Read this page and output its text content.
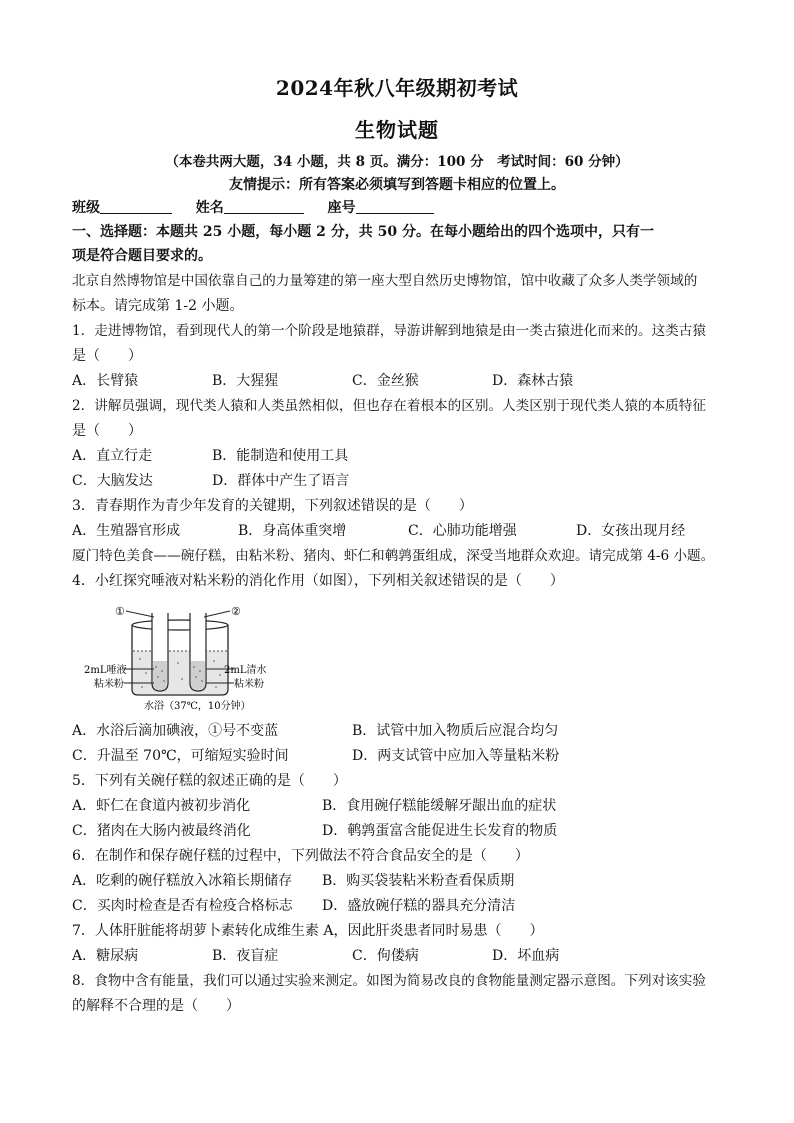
2024年秋八年级期初考试
生物试题
（本卷共两大题，34 小题，共 8 页。满分：100 分　考试时间：60 分钟）
友情提示：所有答案必须填写到答题卡相应的位置上。
班级	姓名	座号
一、选择题：本题共 25 小题，每小题 2 分，共 50 分。在每小题给出的四个选项中，只有一
项是符合题目要求的。
北京自然博物馆是中国依靠自己的力量筹建的第一座大型自然历史博物馆，馆中收藏了众多人类学领域的
标本。请完成第 1-2 小题。
1．走进博物馆，看到现代人的第一个阶段是地猿群，导游讲解到地猿是由一类古猿进化而来的。这类古猿
是（　　）
A．长臂猿	B．大猩猩	C．金丝猴	D．森林古猿
2．讲解员强调，现代类人猿和人类虽然相似，但也存在着根本的区别。人类区别于现代类人猿的本质特征
是（　　）
A．直立行走	B．能制造和使用工具
C．大脑发达	D．群体中产生了语言
3．青春期作为青少年发育的关键期，下列叙述错误的是（　　）
A．生殖器官形成	B．身高体重突增	C．心肺功能增强	D．女孩出现月经
厦门特色美食——碗仔糕，由粘米粉、猪肉、虾仁和鹌鹑蛋组成，深受当地群众欢迎。请完成第 4-6 小题。
4．小红探究唾液对粘米粉的消化作用（如图），下列相关叙述错误的是（　　）
①	②
2mL唾液
粘米粉
2mL清水
粘米粉
水浴（37℃，10分钟）
A．水浴后滴加碘液，①号不变蓝	B．试管中加入物质后应混合均匀
C．升温至 70℃，可缩短实验时间	D．两支试管中应加入等量粘米粉
5．下列有关碗仔糕的叙述正确的是（　　）
A．虾仁在食道内被初步消化	B．食用碗仔糕能缓解牙龈出血的症状
C．猪肉在大肠内被最终消化	D．鹌鹑蛋富含能促进生长发育的物质
6．在制作和保存碗仔糕的过程中，下列做法不符合食品安全的是（　　）
A．吃剩的碗仔糕放入冰箱长期储存 B．购买袋装粘米粉查看保质期
C．买肉时检查是否有检疫合格标志 D．盛放碗仔糕的器具充分清洁
7．人体肝脏能将胡萝卜素转化成维生素 A，因此肝炎患者同时易患（　　）
A．糖尿病	B．夜盲症	C．佝偻病	D．坏血病
8．食物中含有能量，我们可以通过实验来测定。如图为简易改良的食物能量测定器示意图。下列对该实验
的解释不合理的是（　　）
